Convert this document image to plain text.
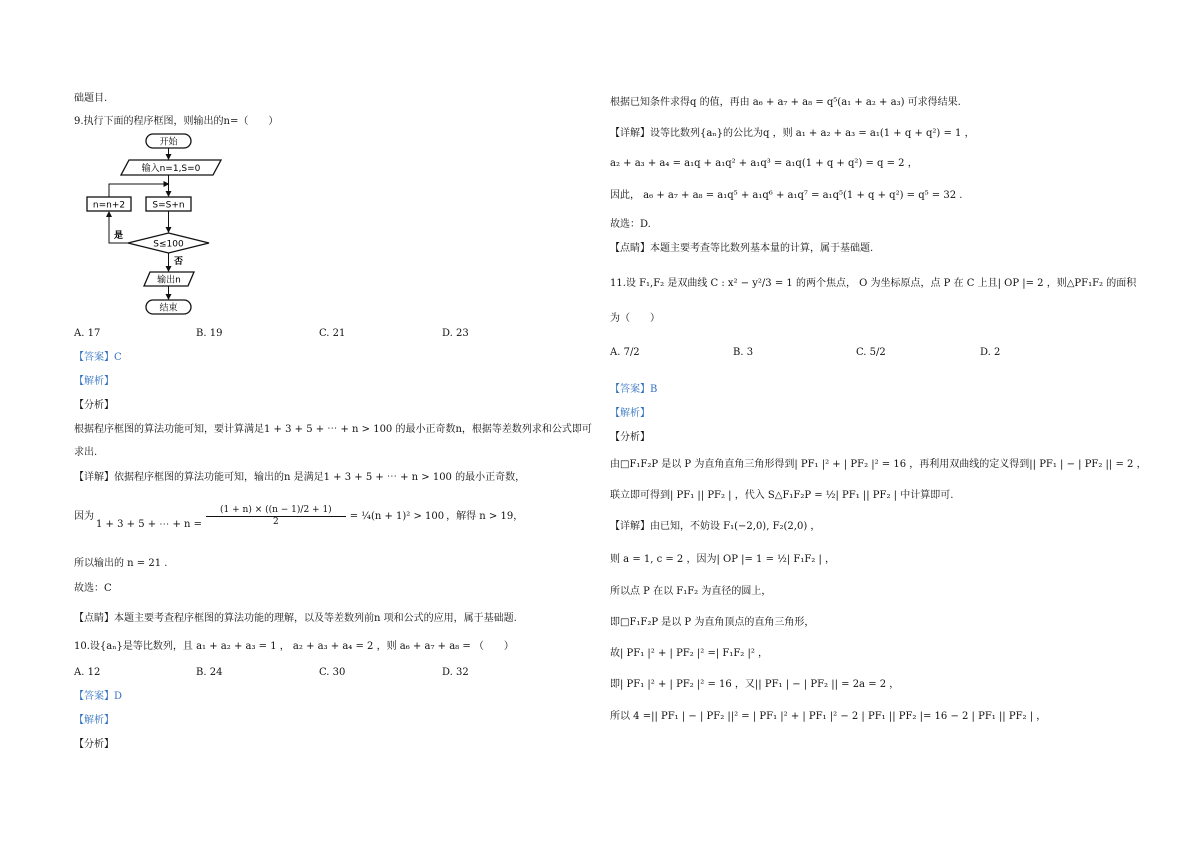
础题目.
9.执行下面的程序框图，则输出的n=（　　）
开始
输入n=1,S=0
S=S+n
n=n+2
S≤100
是
否
输出n
结束
A. 17	B. 19	C. 21	D. 23
【答案】C
【解析】
【分析】
根据程序框图的算法功能可知，要计算满足1 + 3 + 5 + ⋯ + n > 100 的最小正奇数n，根据等差数列求和公式即可
求出.
【详解】依据程序框图的算法功能可知，输出的n 是满足1 + 3 + 5 + ⋯ + n > 100 的最小正奇数，
因为
1 + 3 + 5 + ⋯ + $n = \frac{(1 + n) \times ((n - 1)/2 + 1)}{2}$ = ¼(n + 1)² > 100 ，解得 n > 19，
所以输出的 n = 21 .
故选：C
【点睛】本题主要考查程序框图的算法功能的理解，以及等差数列前n 项和公式的应用，属于基础题.
10.设{aₙ}是等比数列，且 a₁ + a₂ + a₃ = 1 ， a₂ + a₃ + a₄ = 2 ，则 a₆ + a₇ + a₈ = （　　）
A. 12	B. 24	C. 30	D. 32
【答案】D
【解析】
【分析】
根据已知条件求得q 的值，再由 a₆ + a₇ + a₈ = q⁵(a₁ + a₂ + a₃) 可求得结果.
【详解】设等比数列{aₙ}的公比为q ，则 a₁ + a₂ + a₃ = a₁(1 + q + q²) = 1 ，
a₂ + a₃ + a₄ = a₁q + a₁q² + a₁q³ = a₁q(1 + q + q²) = q = 2 ，
因此， a₆ + a₇ + a₈ = a₁q⁵ + a₁q⁶ + a₁q⁷ = a₁q⁵(1 + q + q²) = q⁵ = 32 .
故选：D.
【点睛】本题主要考查等比数列基本量的计算，属于基础题.
11.设 F₁,F₂ 是双曲线 C : x² − y²/3 = 1 的两个焦点， O 为坐标原点，点 P 在 C 上且| OP |= 2 ，则△PF₁F₂ 的面积
为（　　）
A. 7/2	B. 3	C. 5/2	D. 2
【答案】B
【解析】
【分析】
由□F₁F₂P 是以 P 为直角直角三角形得到| PF₁ |² + | PF₂ |² = 16 ，再利用双曲线的定义得到|| PF₁ | − | PF₂ || = 2 ，
联立即可得到| PF₁ || PF₂ | ，代入 S△F₁F₂P = ½| PF₁ || PF₂ | 中计算即可.
【详解】由已知，不妨设 F₁(−2,0), F₂(2,0) ，
则 a = 1, c = 2 ，因为| OP |= 1 = ½| F₁F₂ | ，
所以点 P 在以 F₁F₂ 为直径的圆上，
即□F₁F₂P 是以 P 为直角顶点的直角三角形，
故| PF₁ |² + | PF₂ |² =| F₁F₂ |² ，
即| PF₁ |² + | PF₂ |² = 16 ，又|| PF₁ | − | PF₂ || = 2a = 2 ，
所以 4 =|| PF₁ | − | PF₂ ||² = | PF₁ |² + | PF₁ |² − 2 | PF₁ || PF₂ |= 16 − 2 | PF₁ || PF₂ | ，
